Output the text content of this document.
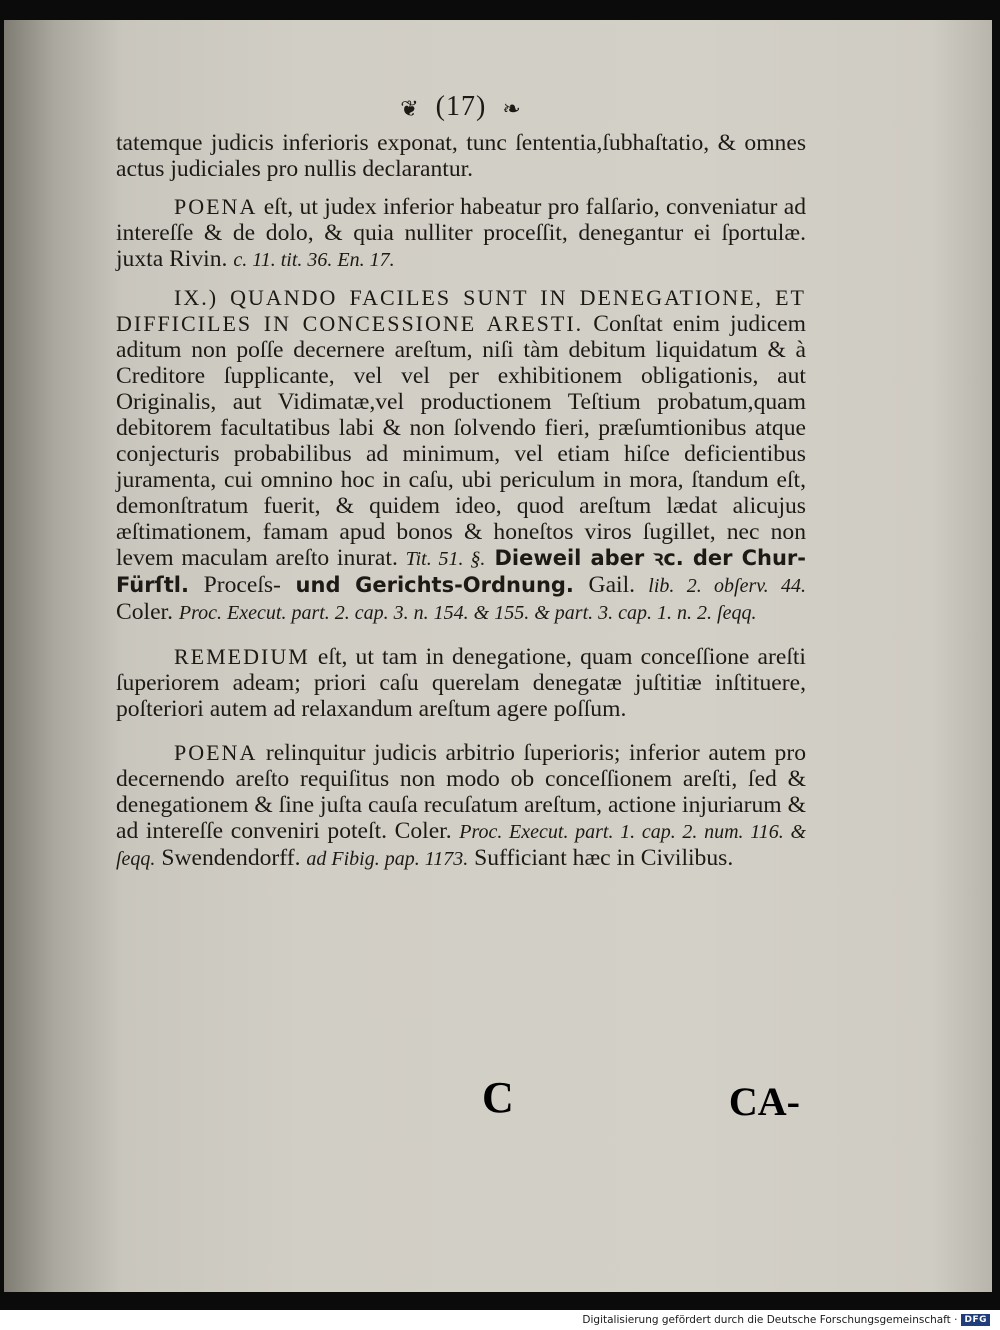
❦ (17) ❧

tatemque judicis inferioris exponat, tunc ſententia,ſubhaſtatio, & omnes actus judiciales pro nullis declarantur.

POENA eſt, ut judex inferior habeatur pro falſario, conveniatur ad intereſſe & de dolo, & quia nulliter proceſſit, denegantur ei ſportulæ. juxta Rivin. c. 11. tit. 36. En. 17.

IX.) QUANDO FACILES SUNT IN DENEGATIONE, ET DIFFICILES IN CONCESSIONE ARESTI. Conſtat enim judicem aditum non poſſe decernere areſtum, niſi tàm debitum liquidatum & à Creditore ſupplicante, vel vel per exhibitionem obligationis, aut Originalis, aut Vidimatæ,vel productionem Teſtium probatum,quam debitorem facultatibus labi & non ſolvendo fieri, præſumtionibus atque conjecturis probabilibus ad minimum, vel etiam hiſce deficientibus juramenta, cui omnino hoc in caſu, ubi periculum in mora, ſtandum eſt, demonſtratum fuerit, & quidem ideo, quod areſtum lædat alicujus æſtimationem, famam apud bonos & honeſtos viros ſugillet, nec non levem maculam areſto inurat. Tit. 51. §. Dieweil aber ꝛc. der Chur-Fürſtl. Proceſs- und Gerichts-Ordnung. Gail. lib. 2. obſerv. 44. Coler. Proc. Execut. part. 2. cap. 3. n. 154. & 155. & part. 3. cap. 1. n. 2. ſeqq.

REMEDIUM eſt, ut tam in denegatione, quam conceſſione areſti ſuperiorem adeam; priori caſu querelam denegatæ juſtitiæ inſtituere, poſteriori autem ad relaxandum areſtum agere poſſum.

POENA relinquitur judicis arbitrio ſuperioris; inferior autem pro decernendo areſto requiſitus non modo ob conceſſionem areſti, ſed & denegationem & ſine juſta cauſa recuſatum areſtum, actione injuriarum & ad intereſſe conveniri poteſt. Coler. Proc. Execut. part. 1. cap. 2. num. 116. & ſeqq. Swendendorff. ad Fibig. pap. 1173. Sufficiant hæc in Civilibus.

C	CA-
Digitalisierung gefördert durch die Deutsche Forschungsgemeinschaft · DFG
